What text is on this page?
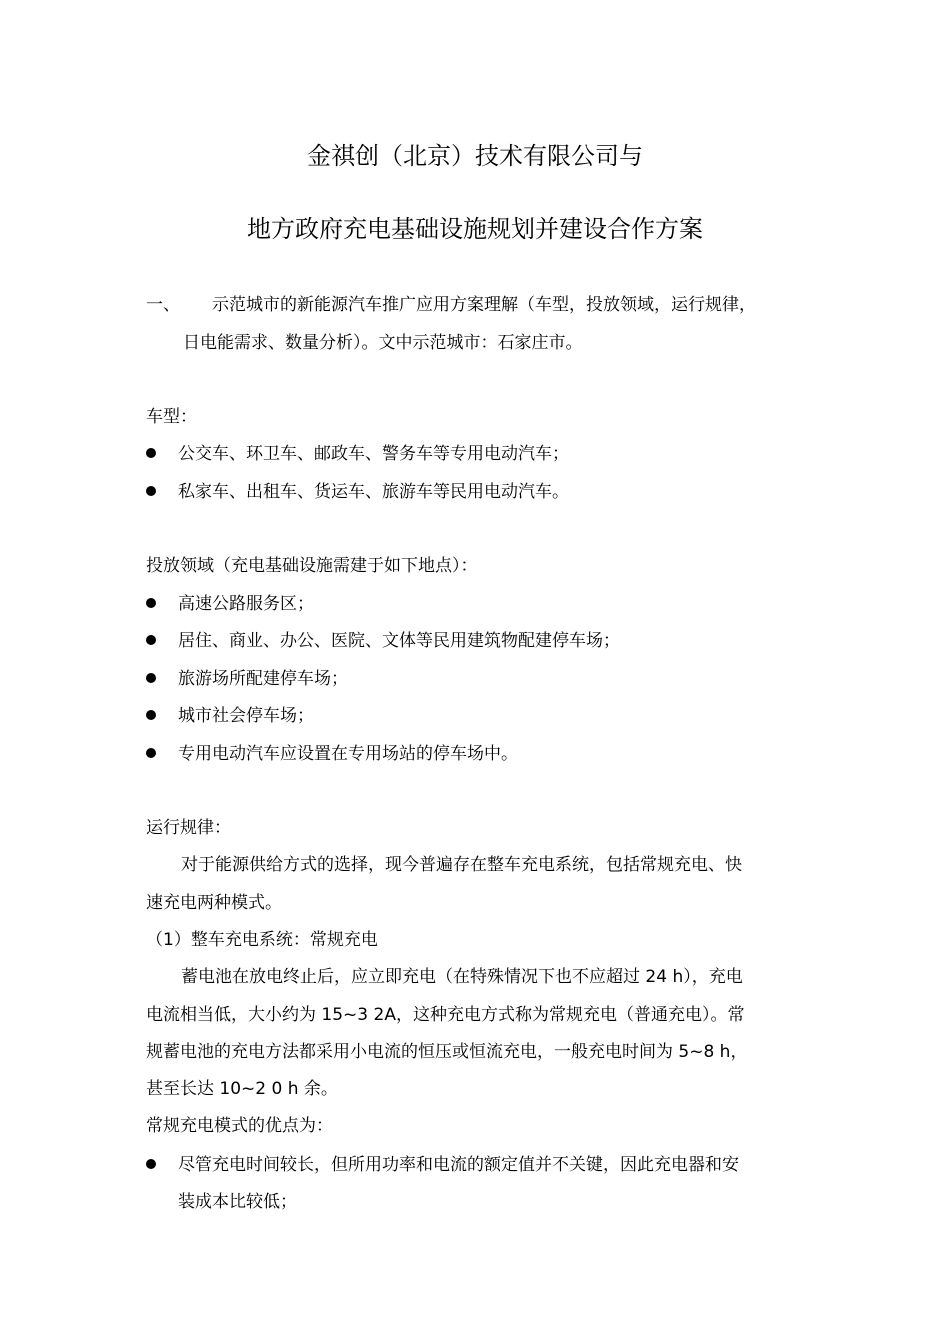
金祺创（北京）技术有限公司与
地方政府充电基础设施规划并建设合作方案
一、 示范城市的新能源汽车推广应用方案理解（车型，投放领域，运行规律，
日电能需求、数量分析）。文中示范城市：石家庄市。
车型：
公交车、环卫车、邮政车、警务车等专用电动汽车；
私家车、出租车、货运车、旅游车等民用电动汽车。
投放领域（充电基础设施需建于如下地点）：
高速公路服务区；
居住、商业、办公、医院、文体等民用建筑物配建停车场；
旅游场所配建停车场；
城市社会停车场；
专用电动汽车应设置在专用场站的停车场中。
运行规律：
对于能源供给方式的选择，现今普遍存在整车充电系统，包括常规充电、快
速充电两种模式。
（1）整车充电系统：常规充电
蓄电池在放电终止后，应立即充电（在特殊情况下也不应超过 24 h），充电
电流相当低，大小约为 15~3 2A，这种充电方式称为常规充电（普通充电）。常
规蓄电池的充电方法都采用小电流的恒压或恒流充电，一般充电时间为 5~8 h，
甚至长达 10~2 0 h 余。
常规充电模式的优点为：
尽管充电时间较长，但所用功率和电流的额定值并不关键，因此充电器和安
装成本比较低；
